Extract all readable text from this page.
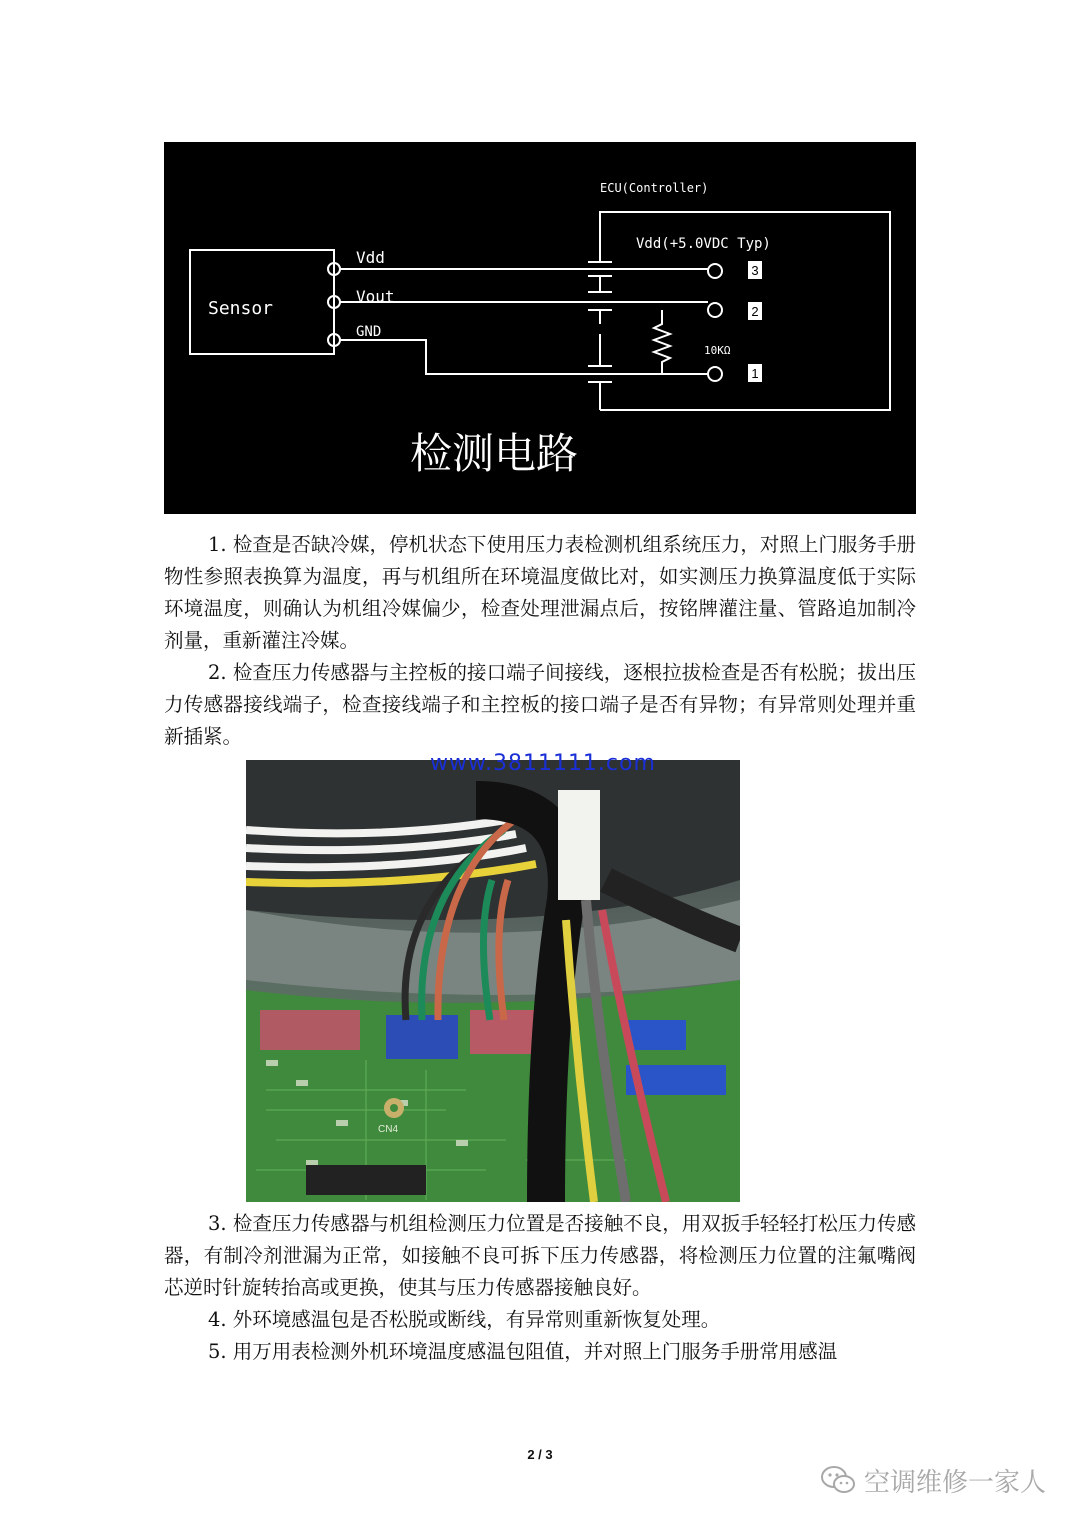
Sensor
Vdd
Vout
GND
ECU(Controller)
Vdd(+5.0VDC Typ)
3
2
1
10KΩ
检测电路

1. 检查是否缺冷媒，停机状态下使用压力表检测机组系统压力，对照上门服务手册物性参照表换算为温度，再与机组所在环境温度做比对，如实测压力换算温度低于实际环境温度，则确认为机组冷媒偏少，检查处理泄漏点后，按铭牌灌注量、管路追加制冷剂量，重新灌注冷媒。

2. 检查压力传感器与主控板的接口端子间接线，逐根拉拔检查是否有松脱；拔出压力传感器接线端子，检查接线端子和主控板的接口端子是否有异物；有异常则处理并重新插紧。

CN4
www.3811111.com

3. 检查压力传感器与机组检测压力位置是否接触不良，用双扳手轻轻打松压力传感器，有制冷剂泄漏为正常，如接触不良可拆下压力传感器，将检测压力位置的注氟嘴阀芯逆时针旋转抬高或更换，使其与压力传感器接触良好。

4. 外环境感温包是否松脱或断线，有异常则重新恢复处理。

5. 用万用表检测外机环境温度感温包阻值，并对照上门服务手册常用感温

2 / 3
空调维修一家人
